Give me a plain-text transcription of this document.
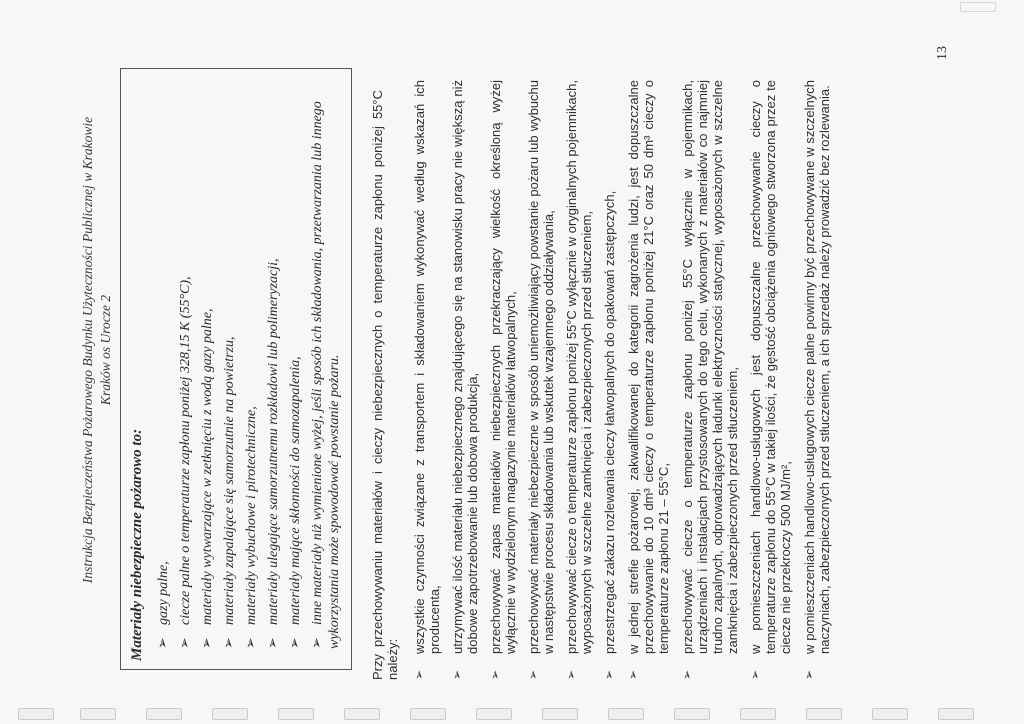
Instrukcja Bezpieczeństwa Pożarowego Budynku Użyteczności Publicznej w Krakowie Kraków os Urocze 2
Materiały niebezpieczne pożarowo to: ➢gazy palne,
➢ciecze palne o temperaturze zapłonu poniżej 328,15 K (55°C),
➢materiały wytwarzające w zetknięciu z wodą gazy palne,
➢materiały zapalające się samorzutnie na powietrzu,
➢materiały wybuchowe i pirotechniczne,
➢materiały ulegające samorzutnemu rozkładowi lub polimeryzacji,
➢materiały mające skłonności do samozapalenia,
➢inne materiały niż wymienione wyżej, jeśli sposób ich składowania, przetwarzania lub innego wykorzystania może spowodować powstanie pożaru. Przy przechowywaniu materiałów i cieczy niebezpiecznych o temperaturze zapłonu poniżej 55°C należy: ➢
wszystkie czynności związane z transportem i składowaniem wykonywać według wskazań ich producenta,
➢
utrzymywać ilość materiału niebezpiecznego znajdującego się na stanowisku pracy nie większą niż dobowe zapotrzebowanie lub dobowa produkcja,
➢
przechowywać zapas materiałów niebezpiecznych przekraczający wielkość określoną wyżej wyłącznie w wydzielonym magazynie materiałów łatwopalnych,
➢
przechowywać materiały niebezpieczne w sposób uniemożliwiający powstanie pożaru lub wybuchu w następstwie procesu składowania lub wskutek wzajemnego oddziaływania,
➢
przechowywać ciecze o temperaturze zapłonu poniżej 55°C wyłącznie w oryginalnych pojemnikach, wyposażonych w szczelne zamknięcia i zabezpieczonych przed stłuczeniem,
➢
przestrzegać zakazu rozlewania cieczy łatwopalnych do opakowań zastępczych,
➢
w jednej strefie pożarowej, zakwalifikowanej do kategorii zagrożenia ludzi, jest dopuszczalne przechowywanie do 10 dm³ cieczy o temperaturze zapłonu poniżej 21°C oraz 50 dm³ cieczy o temperaturze zapłonu 21 – 55°C,
➢
przechowywać ciecze o temperaturze zapłonu poniżej 55°C wyłącznie w pojemnikach, urządzeniach i instalacjach przystosowanych do tego celu, wykonanych z materiałów co najmniej trudno zapalnych, odprowadzających ładunki elektryczności statycznej, wyposażonych w szczelne zamknięcia i zabezpieczonych przed stłuczeniem,
➢
w pomieszczeniach handlowo-usługowych jest dopuszczalne przechowywanie cieczy o temperaturze zapłonu do 55°C w takiej ilości, że gęstość obciążenia ogniowego stworzona przez te ciecze nie przekroczy 500 MJ/m²,
➢
w pomieszczeniach handlowo-usługowych ciecze palne powinny być przechowywane w szczelnych naczyniach, zabezpieczonych przed stłuczeniem, a ich sprzedaż należy prowadzić bez rozlewania.
13
